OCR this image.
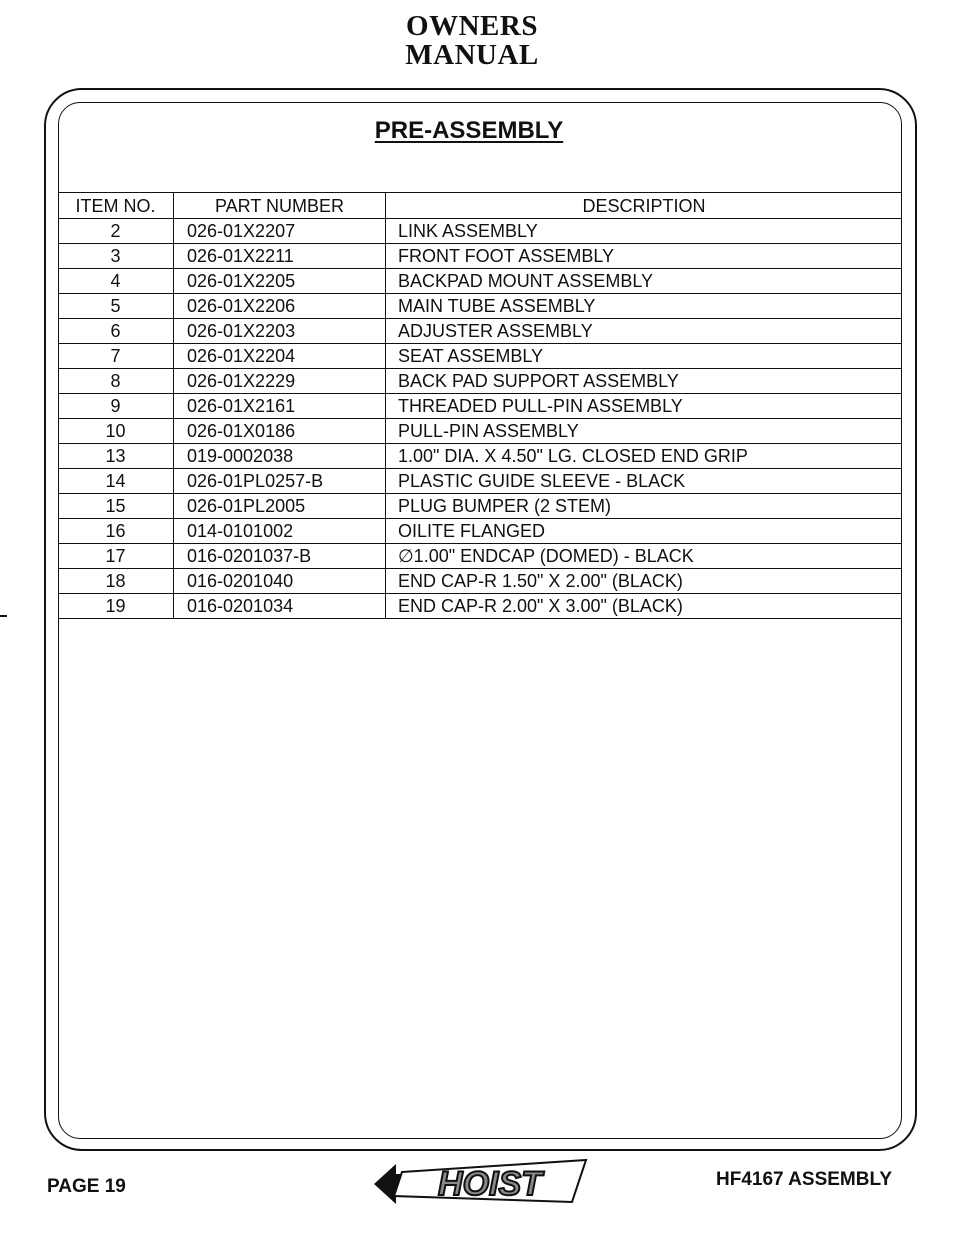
OWNERS
MANUAL
PRE-ASSEMBLY
ITEM NO.	PART NUMBER	DESCRIPTION
2	026-01X2207	LINK ASSEMBLY
3	026-01X2211	FRONT FOOT ASSEMBLY
4	026-01X2205	BACKPAD MOUNT ASSEMBLY
5	026-01X2206	MAIN TUBE ASSEMBLY
6	026-01X2203	ADJUSTER ASSEMBLY
7	026-01X2204	SEAT ASSEMBLY
8	026-01X2229	BACK PAD SUPPORT ASSEMBLY
9	026-01X2161	THREADED PULL-PIN ASSEMBLY
10	026-01X0186	PULL-PIN ASSEMBLY
13	019-0002038	1.00" DIA. X 4.50" LG. CLOSED END GRIP
14	026-01PL0257-B	PLASTIC GUIDE SLEEVE - BLACK
15	026-01PL2005	PLUG BUMPER (2 STEM)
16	014-0101002	OILITE FLANGED
17	016-0201037-B	∅1.00" ENDCAP (DOMED) - BLACK
18	016-0201040	END CAP-R 1.50" X 2.00" (BLACK)
19	016-0201034	END CAP-R 2.00" X 3.00" (BLACK)
PAGE 19	HOIST	HF4167 ASSEMBLY
